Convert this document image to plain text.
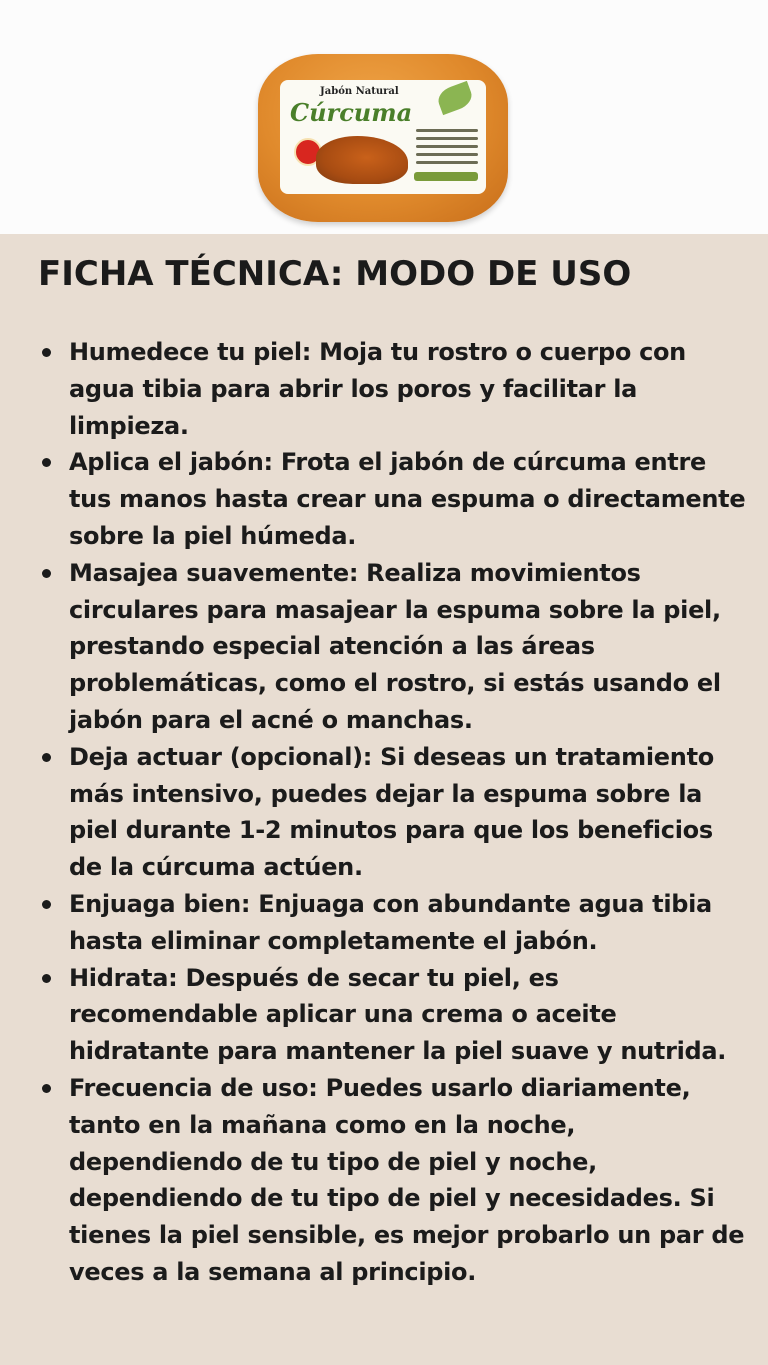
Jabón Natural
Cúrcuma
FICHA TÉCNICA: MODO DE USO
Humedece tu piel: Moja tu rostro o cuerpo con agua tibia para abrir los poros y facilitar la limpieza.
Aplica el jabón: Frota el jabón de cúrcuma entre tus manos hasta crear una espuma o directamente sobre la piel húmeda.
Masajea suavemente: Realiza movimientos circulares para masajear la espuma sobre la piel, prestando especial atención a las áreas problemáticas, como el rostro, si estás usando el jabón para el acné o manchas.
Deja actuar (opcional): Si deseas un tratamiento más intensivo, puedes dejar la espuma sobre la piel durante 1-2 minutos para que los beneficios de la cúrcuma actúen.
Enjuaga bien: Enjuaga con abundante agua tibia hasta eliminar completamente el jabón.
Hidrata: Después de secar tu piel, es recomendable aplicar una crema o aceite hidratante para mantener la piel suave y nutrida.
Frecuencia de uso: Puedes usarlo diariamente, tanto en la mañana como en la noche, dependiendo de tu tipo de piel y noche, dependiendo de tu tipo de piel y necesidades. Si tienes la piel sensible, es mejor probarlo un par de veces a la semana al principio.
